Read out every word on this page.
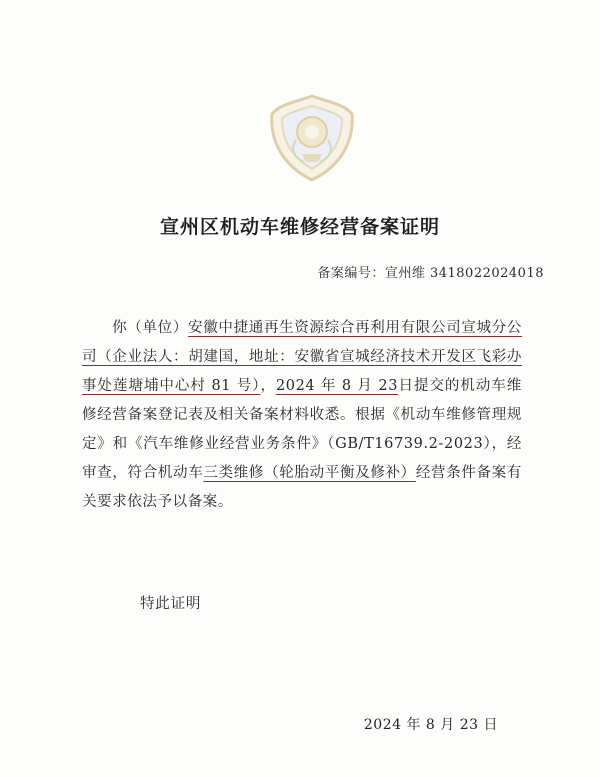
宣州区机动车维修经营备案证明
备案编号：宣州维 3418022024018
你（单位）安徽中捷通再生资源综合再利用有限公司宣城分公司（企业法人：胡建国，地址：安徽省宣城经济技术开发区飞彩办事处莲塘埔中心村 81 号），2024 年 8 月 23日提交的机动车维修经营备案登记表及相关备案材料收悉。根据《机动车维修管理规定》和《汽车维修业经营业务条件》（GB/T16739.2-2023），经审查，符合机动车三类维修（轮胎动平衡及修补）经营条件备案有关要求依法予以备案。
特此证明
2024 年 8 月 23 日
